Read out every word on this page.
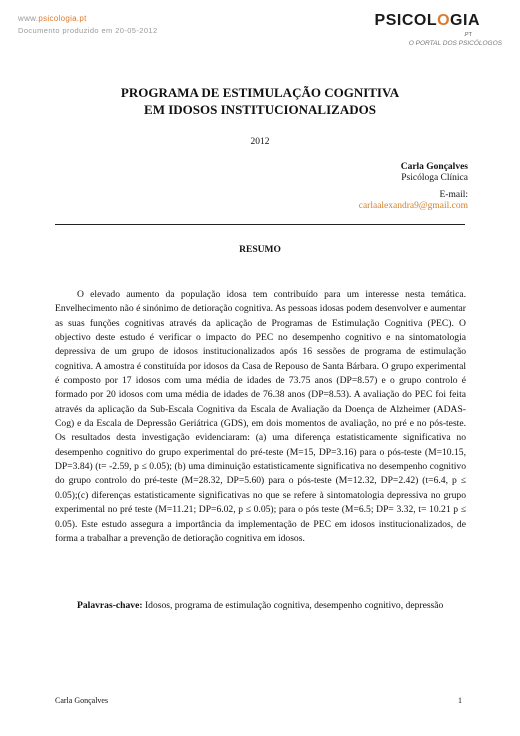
www.psicologia.pt
Documento produzido em 20-05-2012
PSICOLOGIA
.PT
O PORTAL DOS PSICÓLOGOS
PROGRAMA DE ESTIMULAÇÃO COGNITIVA
EM IDOSOS INSTITUCIONALIZADOS
2012
Carla Gonçalves
Psicóloga Clínica
E-mail:
carlaalexandra9@gmail.com
RESUMO

O elevado aumento da população idosa tem contribuído para um interesse nesta temática. Envelhecimento não é sinónimo de detioração cognitiva. As pessoas idosas podem desenvolver e aumentar as suas funções cognitivas através da aplicação de Programas de Estimulação Cognitiva (PEC). O objectivo deste estudo é verificar o impacto do PEC no desempenho cognitivo e na sintomatologia depressiva de um grupo de idosos institucionalizados após 16 sessões de programa de estimulação cognitiva. A amostra é constituída por idosos da Casa de Repouso de Santa Bárbara. O grupo experimental é composto por 17 idosos com uma média de idades de 73.75 anos (DP=8.57) e o grupo controlo é formado por 20 idosos com uma média de idades de 76.38 anos (DP=8.53). A avaliação do PEC foi feita através da aplicação da Sub-Escala Cognitiva da Escala de Avaliação da Doença de Alzheimer (ADAS-Cog) e da Escala de Depressão Geriátrica (GDS), em dois momentos de avaliação, no pré e no pós-teste. Os resultados desta investigação evidenciaram: (a) uma diferença estatisticamente significativa no desempenho cognitivo do grupo experimental do pré-teste (M=15, DP=3.16) para o pós-teste (M=10.15, DP=3.84) (t= -2.59, p ≤ 0.05); (b) uma diminuição estatisticamente significativa no desempenho cognitivo do grupo controlo do pré-teste (M=28.32, DP=5.60) para o pós-teste (M=12.32, DP=2.42) (t=6.4, p ≤ 0.05);(c) diferenças estatisticamente significativas no que se refere à sintomatologia depressiva no grupo experimental no pré teste (M=11.21; DP=6.02, p ≤ 0.05); para o pós teste (M=6.5; DP= 3.32, t= 10.21 p ≤ 0.05). Este estudo assegura a importância da implementação de PEC em idosos institucionalizados, de forma a trabalhar a prevenção de detioração cognitiva em idosos.

Palavras-chave: Idosos, programa de estimulação cognitiva, desempenho cognitivo, depressão

Carla Gonçalves	1
